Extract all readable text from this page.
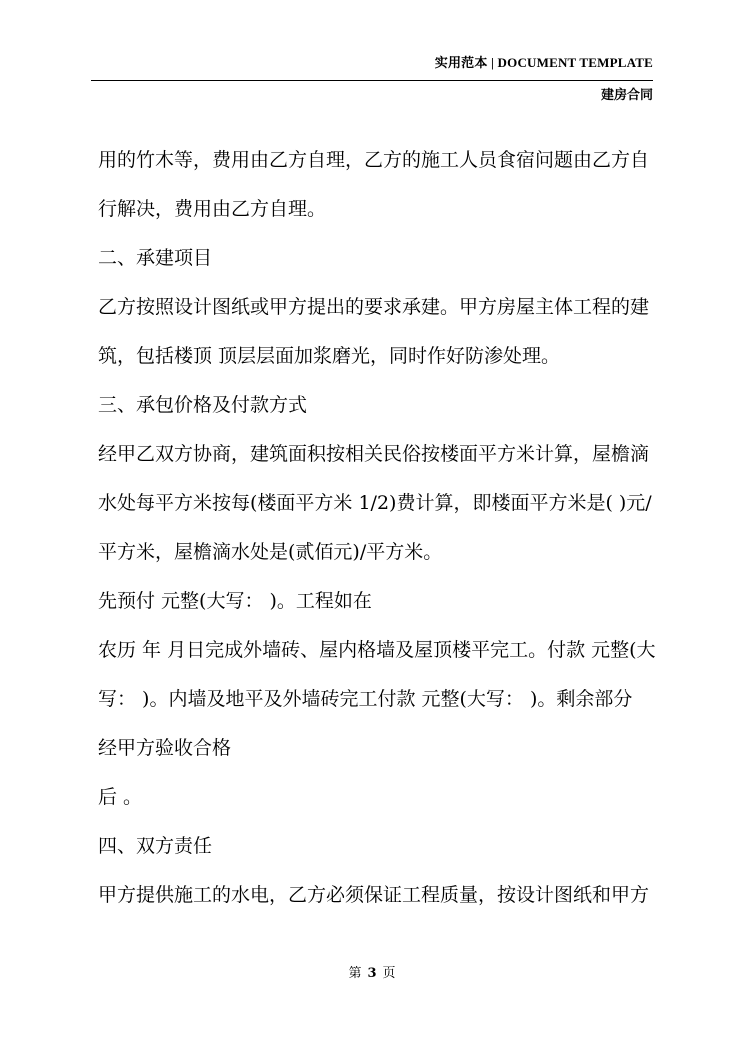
实用范本 | DOCUMENT TEMPLATE
建房合同
用的竹木等，费用由乙方自理，乙方的施工人员食宿问题由乙方自
行解决，费用由乙方自理。
二、承建项目
乙方按照设计图纸或甲方提出的要求承建。甲方房屋主体工程的建
筑，包括楼顶 顶层层面加浆磨光，同时作好防渗处理。
三、承包价格及付款方式
经甲乙双方协商，建筑面积按相关民俗按楼面平方米计算，屋檐滴
水处每平方米按每(楼面平方米 1/2)费计算，即楼面平方米是( )元/
平方米，屋檐滴水处是(贰佰元)/平方米。
先预付 元整(大写： )。工程如在
农历 年 月日完成外墙砖、屋内格墙及屋顶楼平完工。付款 元整(大
写： )。内墙及地平及外墙砖完工付款 元整(大写： )。剩余部分
经甲方验收合格
后 。
四、双方责任
甲方提供施工的水电，乙方必须保证工程质量，按设计图纸和甲方
第 3 页
